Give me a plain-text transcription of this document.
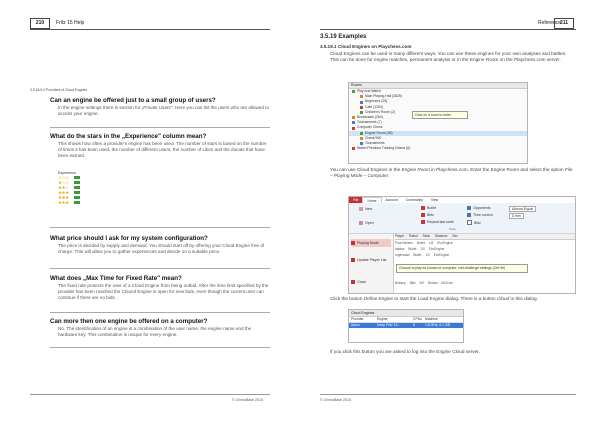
210	Fritz 15 Help
3.5.18.5.2 Providers of Cloud Engines
Can an engine be offered just to a small group of users?
In the engine settings there is section for „Private Users". Here you can list the users who are allowed to access your engine.
What do the stars in the „Experience" column mean?
This shows how often a provider's engine has been used. The number of stars is based on the number of times it has been used, the number of different users, the number of Likes and the ducats that have been earned.
Experience
☆☆☆
★☆☆
★★☆
★★★
★★★
★★★
What price should I ask for my system configuration?
The price is decided by supply and demand. You should start off by offering your Cloud Engine free of charge. This will allow you to gather experiences and decide on a suitable price.
What does „Max Time for Fixed Rate" mean?
The fixed rate protects the user of a Cloud Engine from being outbid. After the time limit specified by the provider has been reached the Clound Engine is open for new bids, even though the current user can continue if there are no bids.
Can more then one engine be offered on a computer?
No. The identification of an engine is a combination of the user name, the engine name and the hardware key. This combination is unique for every engine.
© ChessBase 2015
Reference
211
3.5.19 Examples
3.5.19.1 Cloud Engines on Playchess.com
Cloud Engines can be used in many different ways. You can use these engines for your own analyses and battles. This can be done for engine matches, permanent analysis or in the Engine Room on the Playchess.com server.
Rooms
Play And Watch
Main Playing Hall (2825)
Beginners (25)
Café (1254)
Children's Room (2)
Broadcasts (264)
Tournaments (7)
Computer Chess
Engine Room (35)
Chess 960
Tournaments
Watch Premium Training Videos (6)
Click on a room to enter
You can use Cloud Engines in the Engine Room in Playchess.com. Enter the Engine Room and select the option File – Playing Mode – Computer.
File	Home	Account	Community	View
New
Open
Bullet
Blitz
Repeat last seek
Opponents
Time control
Blitz
Almost Equal
5 min
Seek
Playing Mode
Update Player List
Close
Player Rated Rank Distance Sex
Paul Nielsen Bullet 1/8 Elo/Engine
bladsa Bullet 1/0 Elo/Engine
rogersaad Bullet 1/0 Elo/Engine
Bobsuy Blitz 5/0 Bolzan - 1600 km
Choose to play as human or computer, edit challenge settings (Ctrl+M)
Click the button Define Engine to start the Load Engine dialog. There is a button Cloud in this dialog.
Cloud Engines
Provider	Engine	CPUs Machine
Aplon	Deep Fritz 13...	8	1.8 GHz, 6.1 GB
If you click this button you are asked to log into the Engine Cloud server.
© ChessBase 2015
